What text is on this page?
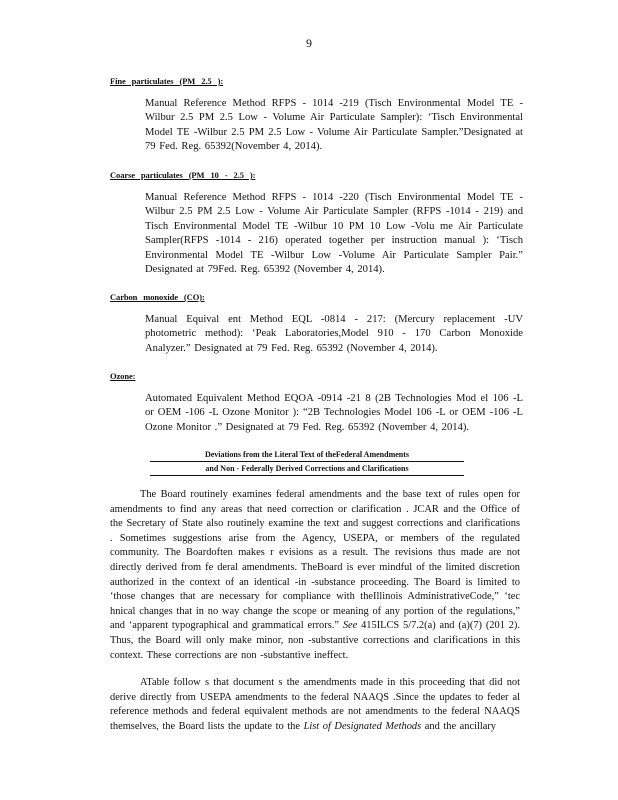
9
Fine particulates (PM 2.5 ):

Manual Reference Method RFPS - 1014 -219 (Tisch Environmental Model TE -Wilbur 2.5 PM 2.5 Low - Volume Air Particulate Sampler): ‘Tisch Environmental Model TE -Wilbur 2.5 PM 2.5 Low - Volume Air Particulate Sampler.”Designated at 79 Fed. Reg. 65392(November 4, 2014).

Coarse particulates (PM 10 - 2.5 ):

Manual Reference Method RFPS - 1014 -220 (Tisch Environmental Model TE -Wilbur 2.5 PM 2.5 Low - Volume Air Particulate Sampler (RFPS -1014 - 219) and Tisch Environmental Model TE -Wilbur 10 PM 10 Low -Volu me Air Particulate Sampler(RFPS -1014 - 216) operated together per instruction manual ): ‘Tisch Environmental Model TE -Wilbur Low -Volume Air Particulate Sampler Pair.” Designated at 79Fed. Reg. 65392 (November 4, 2014).

Carbon monoxide (CO):

Manual Equival ent Method EQL -0814 - 217: (Mercury replacement -UV photometric method): ‘Peak Laboratories,Model 910 - 170 Carbon Monoxide Analyzer.” Designated at 79 Fed. Reg. 65392 (November 4, 2014).

Ozone:

Automated Equivalent Method EQOA -0914 -21 8 (2B Technologies Mod el 106 -L or OEM -106 -L Ozone Monitor ): “2B Technologies Model 106 -L or OEM -106 -L Ozone Monitor .” Designated at 79 Fed. Reg. 65392 (November 4, 2014).

Deviations from the Literal Text of theFederal Amendments
and Non - Federally Derived Corrections and Clarifications

The Board routinely examines federal amendments and the base text of rules open for amendments to find any areas that need correction or clarification . JCAR and the Office of the Secretary of State also routinely examine the text and suggest corrections and clarifications . Sometimes suggestions arise from the Agency, USEPA, or members of the regulated community. The Boardoften makes r evisions as a result. The revisions thus made are not directly derived from fe deral amendments. TheBoard is ever mindful of the limited discretion authorized in the context of an identical -in -substance proceeding. The Board is limited to ‘those changes that are necessary for compliance with theIllinois AdministrativeCode,” ‘tec hnical changes that in no way change the scope or meaning of any portion of the regulations,” and ‘apparent typographical and grammatical errors.” See 415ILCS 5/7.2(a) and (a)(7) (201 2). Thus, the Board will only make minor, non -substantive corrections and clarifications in this context. These corrections are non -substantive ineffect.

ATable follow s that document s the amendments made in this proceeding that did not derive directly from USEPA amendments to the federal NAAQS .Since the updates to feder al reference methods and federal equivalent methods are not amendments to the federal NAAQS themselves, the Board lists the update to the List of Designated Methods and the ancillary
